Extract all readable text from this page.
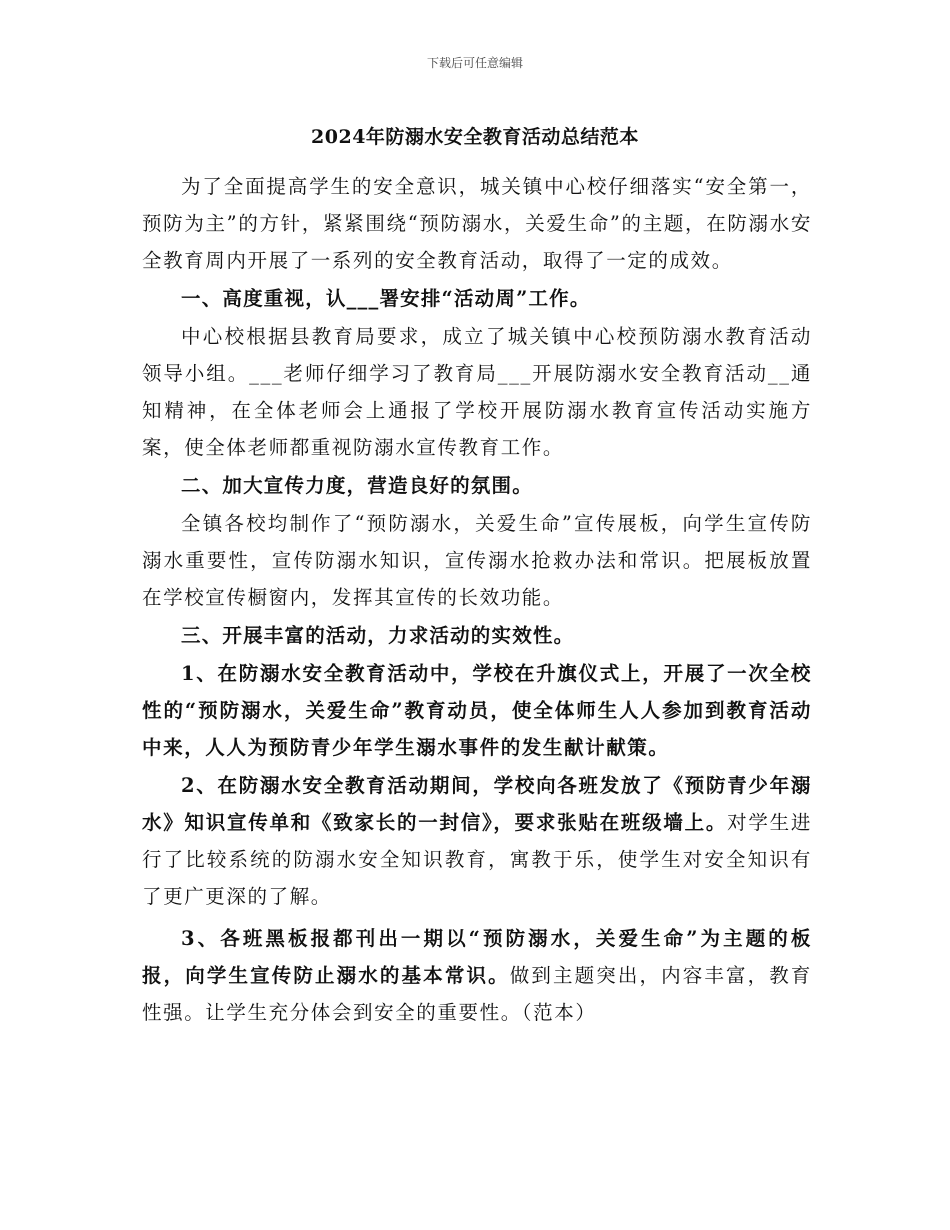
下载后可任意编辑
2024年防溺水安全教育活动总结范本

为了全面提高学生的安全意识，城关镇中心校仔细落实“安全第一，预防为主”的方针，紧紧围绕“预防溺水，关爱生命”的主题，在防溺水安全教育周内开展了一系列的安全教育活动，取得了一定的成效。

一、高度重视，认___署安排“活动周”工作。

中心校根据县教育局要求，成立了城关镇中心校预防溺水教育活动领导小组。___老师仔细学习了教育局___开展防溺水安全教育活动__通知精神，在全体老师会上通报了学校开展防溺水教育宣传活动实施方案，使全体老师都重视防溺水宣传教育工作。

二、加大宣传力度，营造良好的氛围。

全镇各校均制作了“预防溺水，关爱生命”宣传展板，向学生宣传防溺水重要性，宣传防溺水知识，宣传溺水抢救办法和常识。把展板放置在学校宣传橱窗内，发挥其宣传的长效功能。

三、开展丰富的活动，力求活动的实效性。

1、在防溺水安全教育活动中，学校在升旗仪式上，开展了一次全校性的“预防溺水，关爱生命”教育动员，使全体师生人人参加到教育活动中来，人人为预防青少年学生溺水事件的发生献计献策。

2、在防溺水安全教育活动期间，学校向各班发放了《预防青少年溺水》知识宣传单和《致家长的一封信》，要求张贴在班级墙上。对学生进行了比较系统的防溺水安全知识教育，寓教于乐，使学生对安全知识有了更广更深的了解。

3、各班黑板报都刊出一期以“预防溺水，关爱生命”为主题的板报，向学生宣传防止溺水的基本常识。做到主题突出，内容丰富，教育性强。让学生充分体会到安全的重要性。（范本）
